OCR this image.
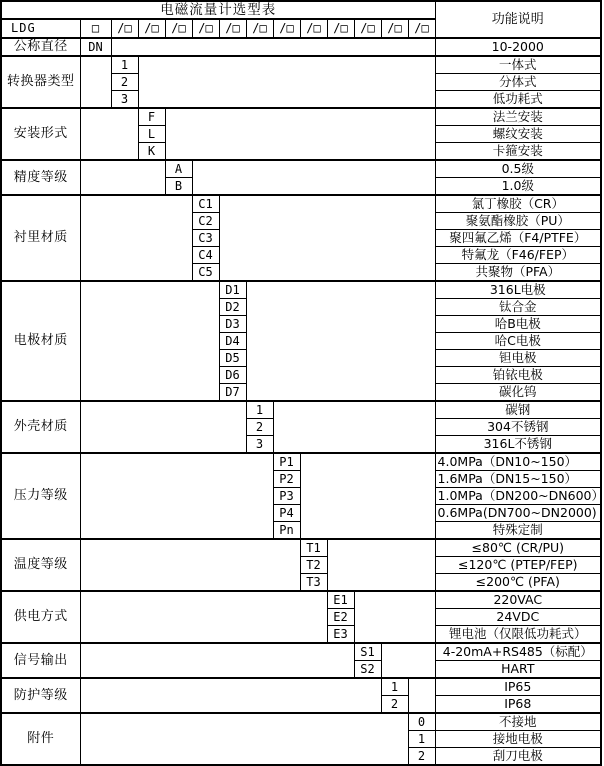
电磁流量计选型表														功能说明
LDG	□	/□	/□	/□	/□	/□	/□	/□	/□	/□	/□	/□	/□	
公称直径	DN													10-2000
转换器类型		1												一体式
		2												分体式
		3												低功耗式
安装形式			F											法兰安装
			L											螺纹安装
			K											卡箍安装
精度等级				A										0.5级
				B										1.0级
衬里材质					C1									氯丁橡胶（CR）
					C2									聚氨酯橡胶（PU）
					C3									聚四氟乙烯（F4/PTFE）
					C4									特氟龙（F46/FEP）
					C5									共聚物（PFA）
电极材质						D1								316L电极
						D2								钛合金
						D3								哈B电极
						D4								哈C电极
						D5								钽电极
						D6								铂铱电极
						D7								碳化钨
外壳材质							1							碳钢
							2							304不锈钢
							3							316L不锈钢
压力等级								P1						4.0MPa（DN10~150）
								P2						1.6MPa（DN15~150）
								P3						1.0MPa（DN200~DN600）
								P4						0.6MPa(DN700~DN2000)
								Pn						特殊定制
温度等级									T1					≤80℃ (CR/PU)
									T2					≤120℃ (PTEP/FEP)
									T3					≤200℃ (PFA)
供电方式										E1				220VAC
										E2				24VDC
										E3				锂电池（仅限低功耗式）
信号输出											S1			4-20mA+RS485（标配）
											S2			HART
防护等级												1		IP65
												2		IP68
附件													0	不接地
													1	接地电极
													2	刮刀电极
